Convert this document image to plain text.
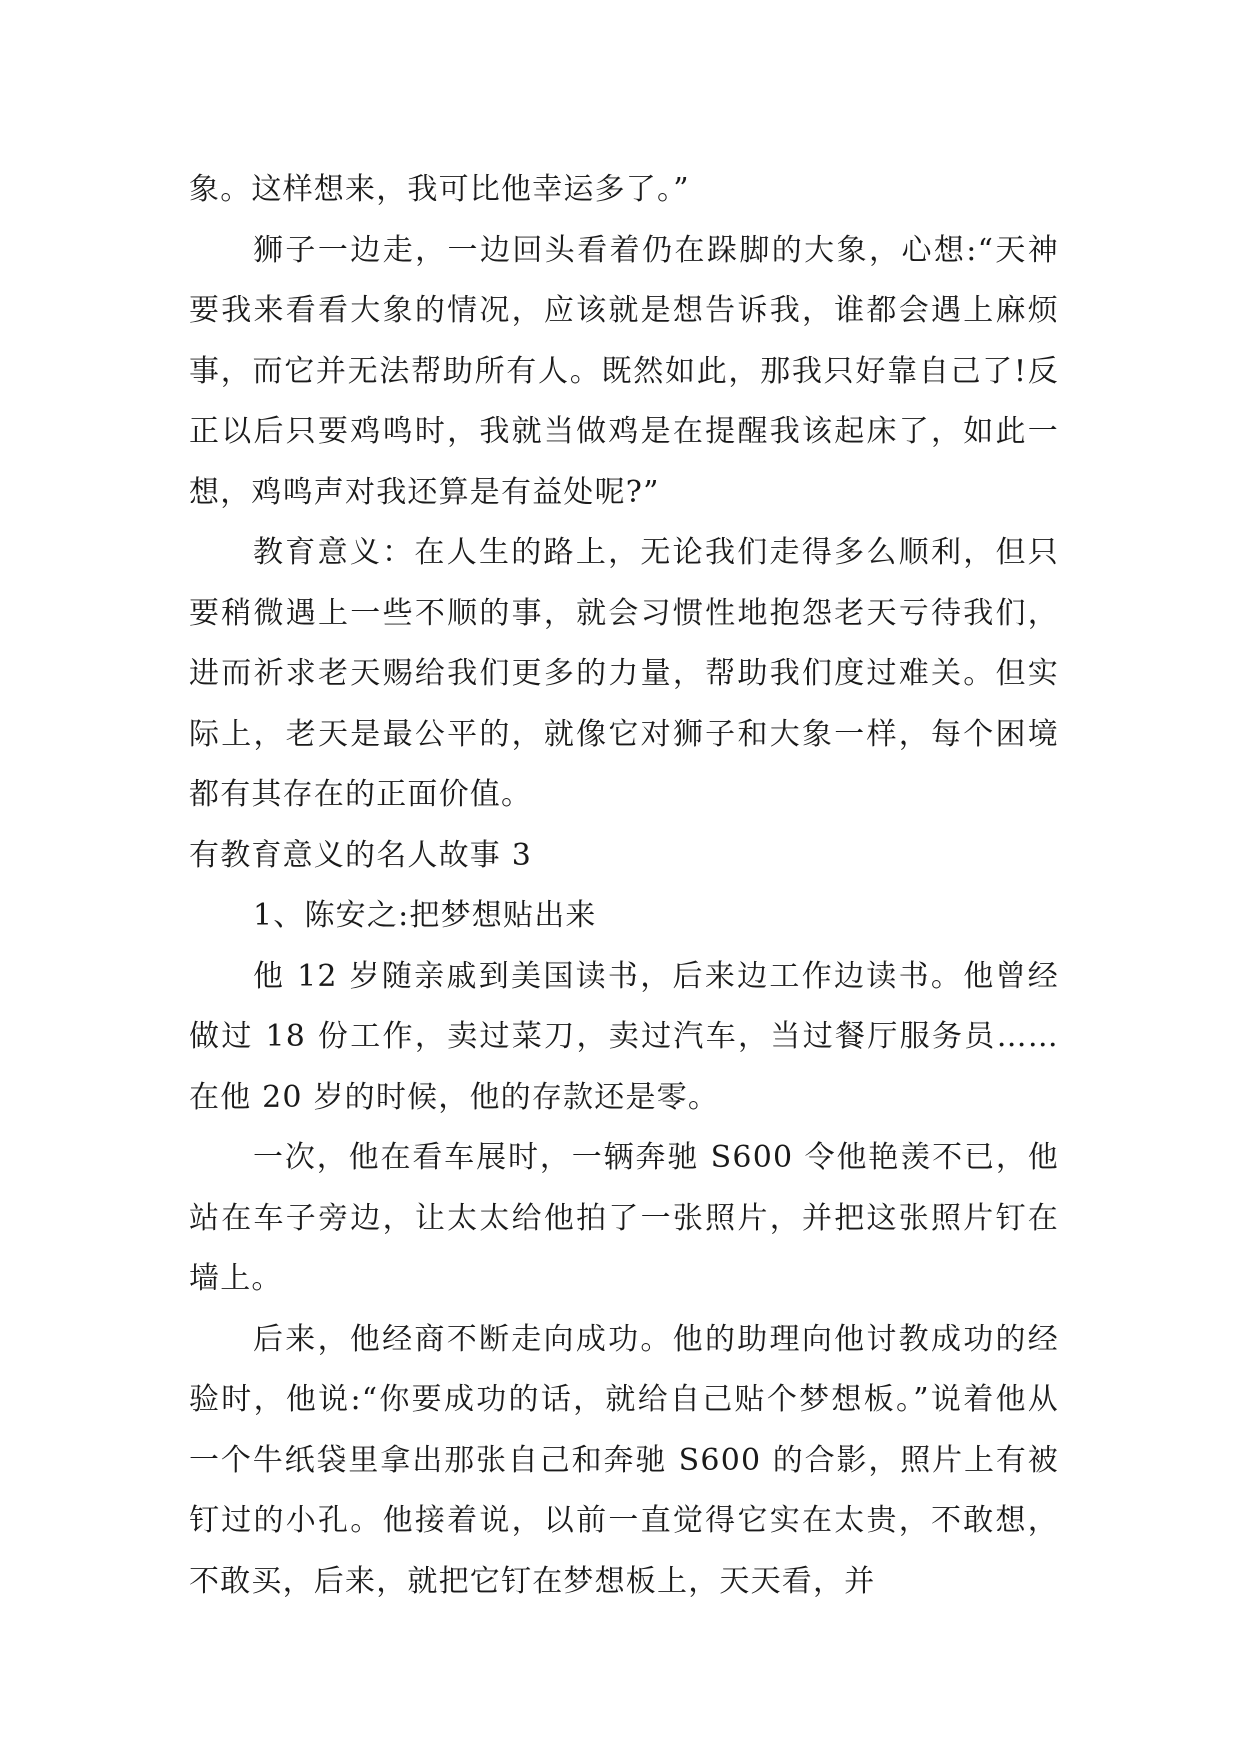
象。这样想来，我可比他幸运多了。”

狮子一边走，一边回头看着仍在跺脚的大象，心想:“天神要我来看看大象的情况，应该就是想告诉我，谁都会遇上麻烦事，而它并无法帮助所有人。既然如此，那我只好靠自己了!反正以后只要鸡鸣时，我就当做鸡是在提醒我该起床了，如此一想，鸡鸣声对我还算是有益处呢?”

教育意义：在人生的路上，无论我们走得多么顺利，但只要稍微遇上一些不顺的事，就会习惯性地抱怨老天亏待我们，进而祈求老天赐给我们更多的力量，帮助我们度过难关。但实际上，老天是最公平的，就像它对狮子和大象一样，每个困境都有其存在的正面价值。

有教育意义的名人故事 3

1、陈安之:把梦想贴出来

他 12 岁随亲戚到美国读书，后来边工作边读书。他曾经做过 18 份工作，卖过菜刀，卖过汽车，当过餐厅服务员……在他 20 岁的时候，他的存款还是零。

一次，他在看车展时，一辆奔驰 S600 令他艳羡不已，他站在车子旁边，让太太给他拍了一张照片，并把这张照片钉在墙上。

后来，他经商不断走向成功。他的助理向他讨教成功的经验时，他说:“你要成功的话，就给自己贴个梦想板。”说着他从一个牛纸袋里拿出那张自己和奔驰 S600 的合影，照片上有被钉过的小孔。他接着说，以前一直觉得它实在太贵，不敢想，不敢买，后来，就把它钉在梦想板上，天天看，并
